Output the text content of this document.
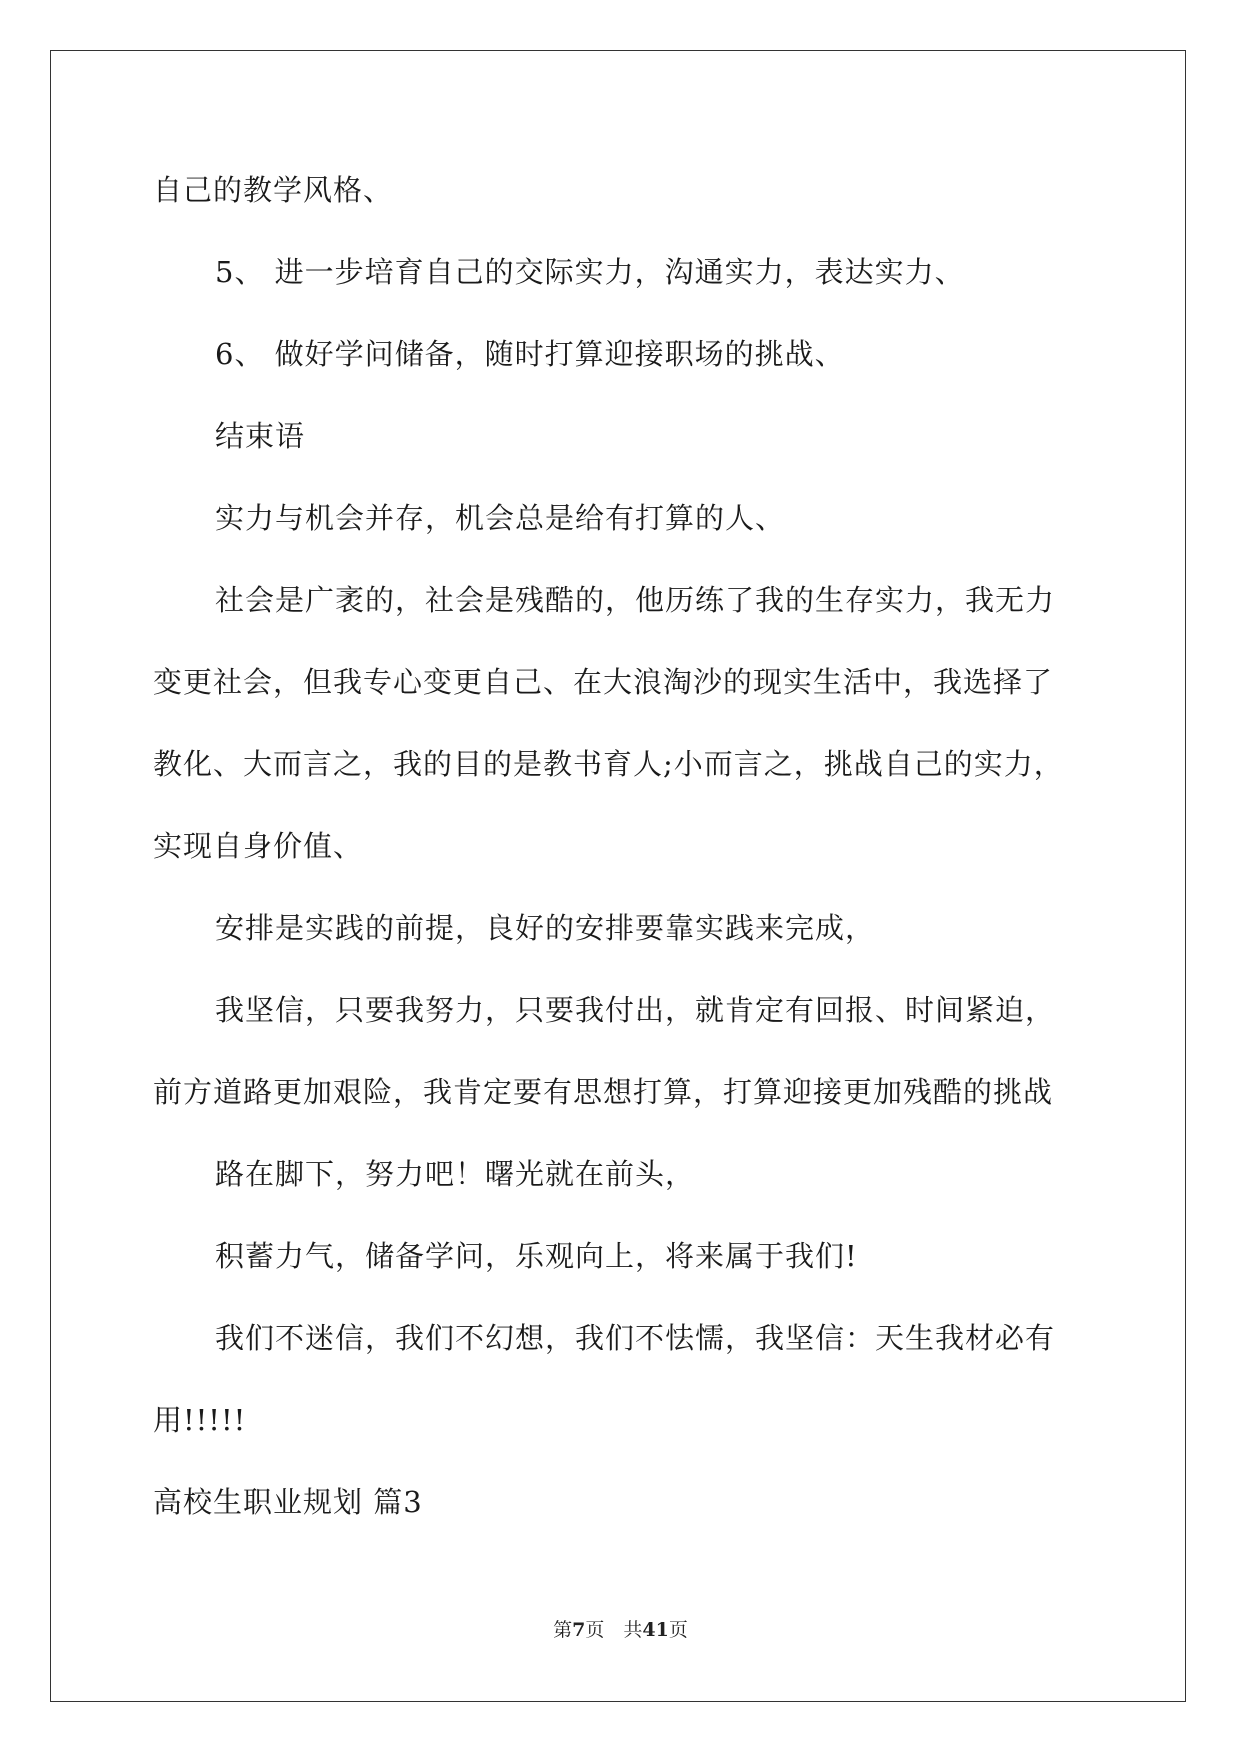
自己的教学风格、
5、 进一步培育自己的交际实力，沟通实力，表达实力、
6、 做好学问储备，随时打算迎接职场的挑战、
结束语
实力与机会并存，机会总是给有打算的人、
社会是广袤的，社会是残酷的，他历练了我的生存实力，我无力
变更社会，但我专心变更自己、在大浪淘沙的现实生活中，我选择了
教化、大而言之，我的目的是教书育人;小而言之，挑战自己的实力，
实现自身价值、
安排是实践的前提，良好的安排要靠实践来完成，
我坚信，只要我努力，只要我付出，就肯定有回报、时间紧迫，
前方道路更加艰险，我肯定要有思想打算，打算迎接更加残酷的挑战
路在脚下，努力吧！曙光就在前头，
积蓄力气，储备学问，乐观向上，将来属于我们!
我们不迷信，我们不幻想，我们不怯懦，我坚信：天生我材必有
用!!!!!
高校生职业规划 篇3
第7页　共41页
